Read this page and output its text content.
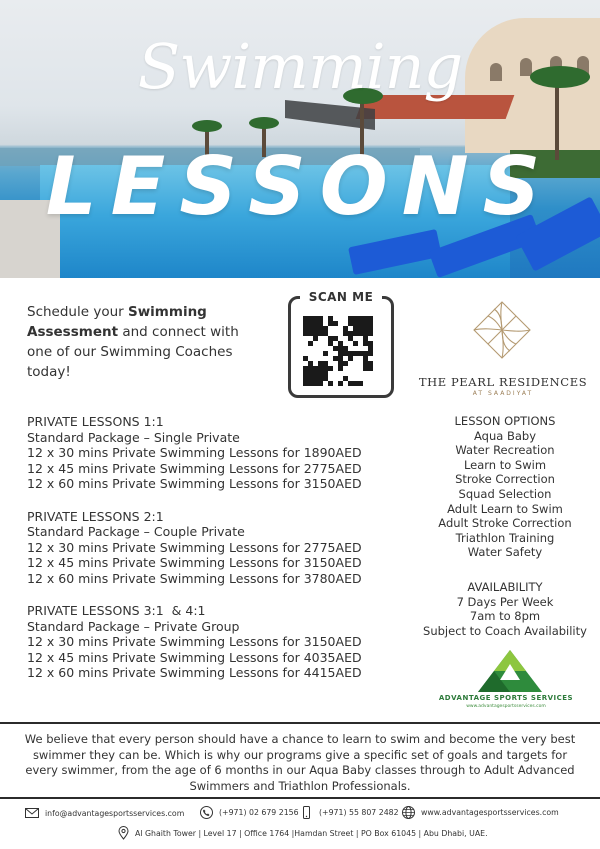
Swimming
LESSONS
Schedule your Swimming Assessment and connect with one of our Swimming Coaches today!
SCAN ME
THE PEARL RESIDENCES
AT SAADIYAT
PRIVATE LESSONS 1:1
Standard Package – Single Private
12 x 30 mins Private Swimming Lessons for 1890AED
12 x 45 mins Private Swimming Lessons for 2775AED
12 x 60 mins Private Swimming Lessons for 3150AED
PRIVATE LESSONS 2:1
Standard Package – Couple Private
12 x 30 mins Private Swimming Lessons for 2775AED
12 x 45 mins Private Swimming Lessons for 3150AED
12 x 60 mins Private Swimming Lessons for 3780AED
PRIVATE LESSONS 3:1  & 4:1
Standard Package – Private Group
12 x 30 mins Private Swimming Lessons for 3150AED
12 x 45 mins Private Swimming Lessons for 4035AED
12 x 60 mins Private Swimming Lessons for 4415AED
LESSON OPTIONS
Aqua Baby
Water Recreation
Learn to Swim
Stroke Correction
Squad Selection
Adult Learn to Swim
Adult Stroke Correction
Triathlon Training
Water Safety
AVAILABILITY
7 Days Per Week
7am to 8pm
Subject to Coach Availability
ADVANTAGE SPORTS SERVICES
www.advantagesportsservices.com
We believe that every person should have a chance to learn to swim and become the very best swimmer they can be. Which is why our programs give a specific set of goals and targets for every swimmer, from the age of 6 months in our Aqua Baby classes through to Adult Advanced Swimmers and Triathlon Professionals.
info@advantagesportsservices.com	(+971) 02 679 2156	(+971) 55 807 2482	www.advantagesportsservices.com
Al Ghaith Tower | Level 17 | Office 1764 |Hamdan Street | PO Box 61045 | Abu Dhabi, UAE.
